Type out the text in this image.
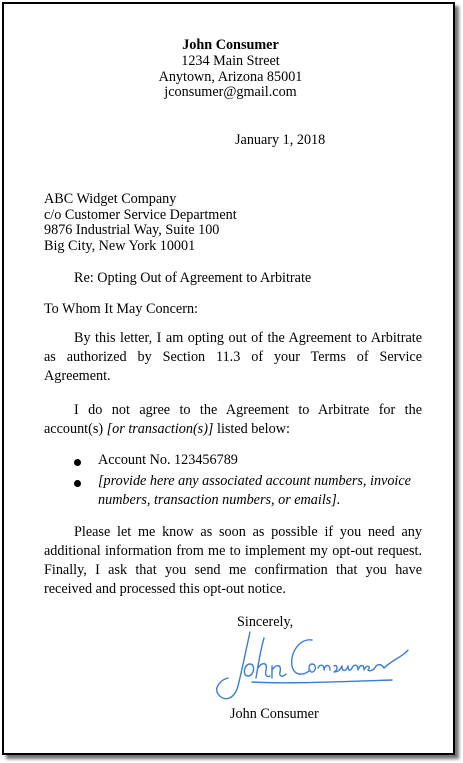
John Consumer
1234 Main Street
Anytown, Arizona 85001
jconsumer@gmail.com
January 1, 2018
ABC Widget Company
c/o Customer Service Department
9876 Industrial Way, Suite 100
Big City, New York 10001
Re: Opting Out of Agreement to Arbitrate
To Whom It May Concern:
By this letter, I am opting out of the Agreement to Arbitrate as authorized by Section 11.3 of your Terms of Service Agreement.
I do not agree to the Agreement to Arbitrate for the account(s) [or transaction(s)] listed below:
Account No. 123456789
[provide here any associated account numbers, invoice numbers, transaction numbers, or emails].
Please let me know as soon as possible if you need any additional information from me to implement my opt-out request. Finally, I ask that you send me confirmation that you have received and processed this opt-out notice.
Sincerely,
John Consumer
